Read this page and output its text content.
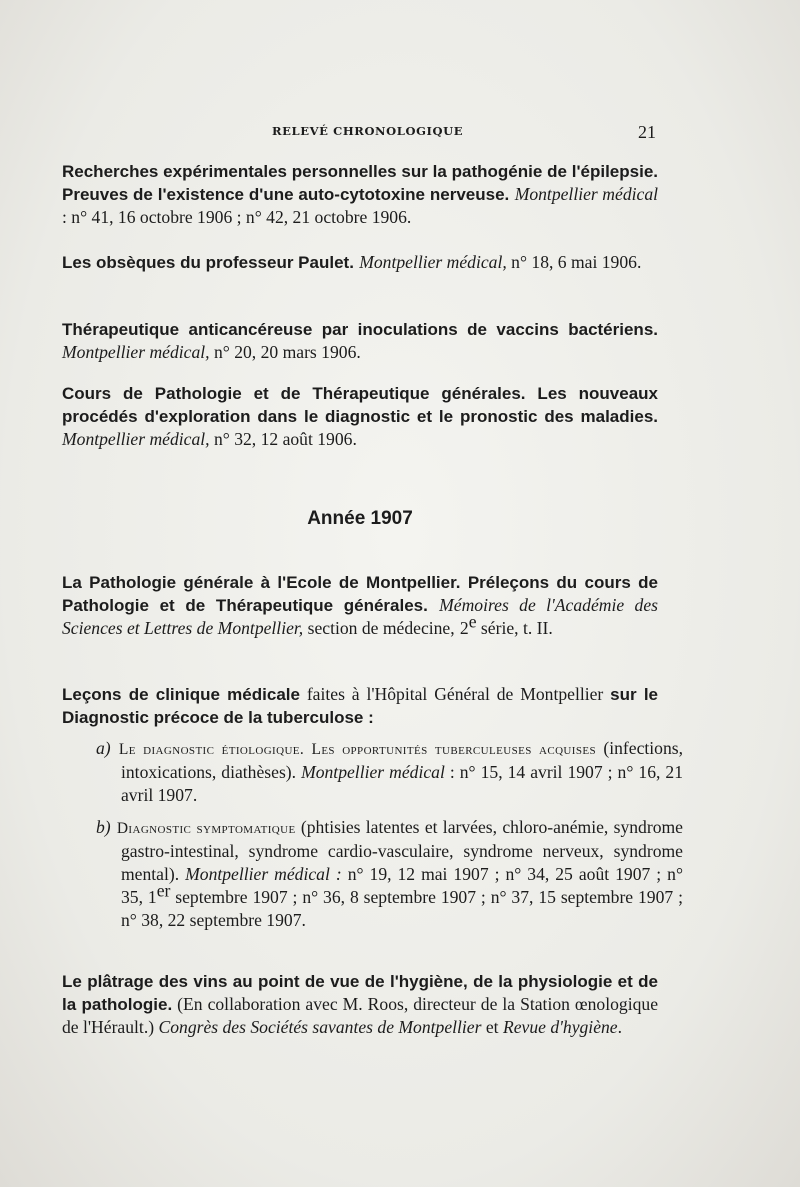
RELEVÉ CHRONOLOGIQUE	21

Recherches expérimentales personnelles sur la pathogénie de l'épilepsie. Preuves de l'existence d'une auto-cytotoxine nerveuse. Montpellier médical : n° 41, 16 octobre 1906 ; n° 42, 21 octobre 1906.

Les obsèques du professeur Paulet. Montpellier médical, n° 18, 6 mai 1906.

Thérapeutique anticancéreuse par inoculations de vaccins bactériens. Montpellier médical, n° 20, 20 mars 1906.

Cours de Pathologie et de Thérapeutique générales. Les nouveaux procédés d'exploration dans le diagnostic et le pronostic des maladies. Montpellier médical, n° 32, 12 août 1906.

Année 1907

La Pathologie générale à l'Ecole de Montpellier. Préleçons du cours de Pathologie et de Thérapeutique générales. Mémoires de l'Académie des Sciences et Lettres de Montpellier, section de médecine, 2e série, t. II.

Leçons de clinique médicale faites à l'Hôpital Général de Montpellier sur le Diagnostic précoce de la tuberculose :

a) Le diagnostic étiologique. Les opportunités tuberculeuses acquises (infections, intoxications, diathèses). Montpellier médical : n° 15, 14 avril 1907 ; n° 16, 21 avril 1907.

b) Diagnostic symptomatique (phtisies latentes et larvées, chloro-anémie, syndrome gastro-intestinal, syndrome cardio-vasculaire, syndrome nerveux, syndrome mental). Montpellier médical : n° 19, 12 mai 1907 ; n° 34, 25 août 1907 ; n° 35, 1er septembre 1907 ; n° 36, 8 septembre 1907 ; n° 37, 15 septembre 1907 ; n° 38, 22 septembre 1907.

Le plâtrage des vins au point de vue de l'hygiène, de la physiologie et de la pathologie. (En collaboration avec M. Roos, directeur de la Station œnologique de l'Hérault.) Congrès des Sociétés savantes de Montpellier et Revue d'hygiène.
